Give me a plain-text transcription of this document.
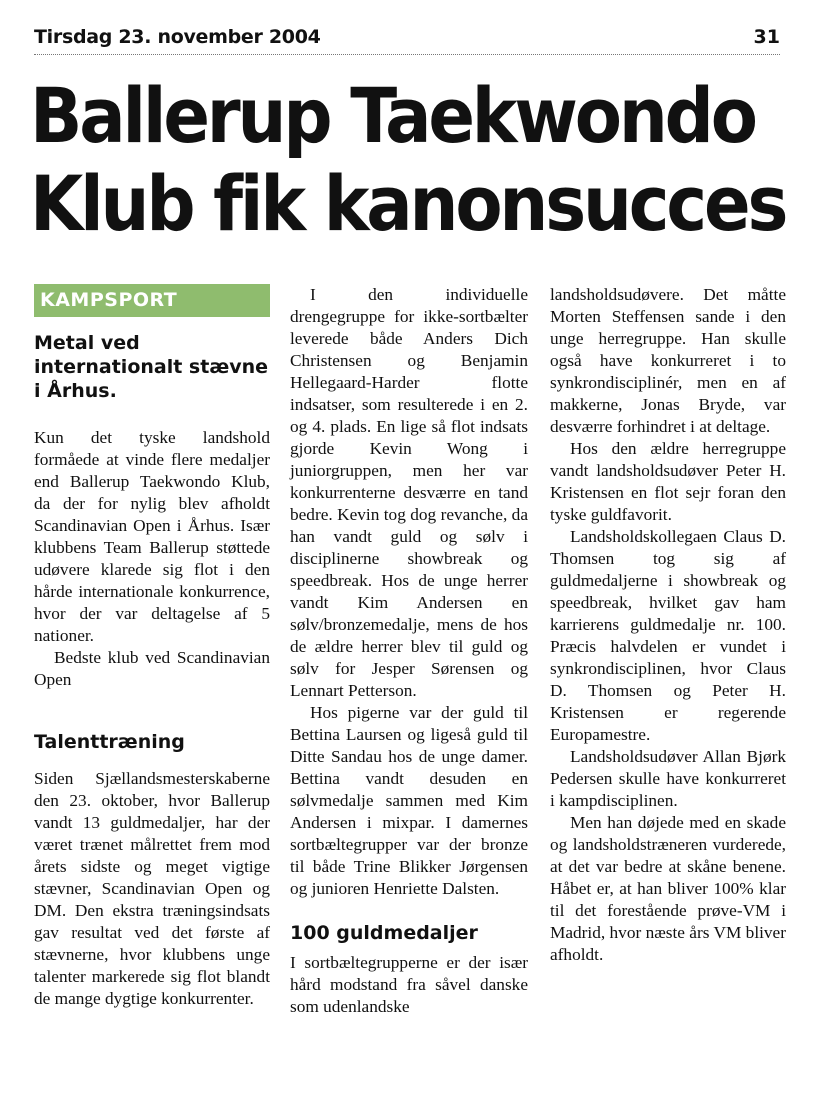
Tirsdag 23. november 2004	31
Ballerup Taekwondo
Klub fik kanonsucces
KAMPSPORT
Metal ved internationalt stævne i Århus.

Kun det tyske landshold formåede at vinde flere medaljer end Ballerup Taekwondo Klub, da der for nylig blev afholdt Scandinavian Open i Århus. Især klubbens Team Ballerup støttede udøvere klarede sig flot i den hårde internationale konkurrence, hvor der var deltagelse af 5 nationer.

Bedste klub ved Scandinavian Open

Talenttræning

Siden Sjællandsmesterskaberne den 23. oktober, hvor Ballerup vandt 13 guldmedaljer, har der været trænet målrettet frem mod årets sidste og meget vigtige stævner, Scandinavian Open og DM. Den ekstra træningsindsats gav resultat ved det første af stævnerne, hvor klubbens unge talenter markerede sig flot blandt de mange dygtige konkurrenter.

I den individuelle drengegruppe for ikke-sortbælter leverede både Anders Dich Christensen og Benjamin Hellegaard-Harder flotte indsatser, som resulterede i en 2. og 4. plads. En lige så flot indsats gjorde Kevin Wong i juniorgruppen, men her var konkurrenterne desværre en tand bedre. Kevin tog dog revanche, da han vandt guld og sølv i disciplinerne showbreak og speedbreak. Hos de unge herrer vandt Kim Andersen en sølv/bronzemedalje, mens de hos de ældre herrer blev til guld og sølv for Jesper Sørensen og Lennart Petterson.

Hos pigerne var der guld til Bettina Laursen og ligeså guld til Ditte Sandau hos de unge damer. Bettina vandt desuden en sølvmedalje sammen med Kim Andersen i mixpar. I damernes sortbæltegrupper var der bronze til både Trine Blikker Jørgensen og junioren Henriette Dalsten.

100 guldmedaljer

I sortbæltegrupperne er der især hård modstand fra såvel danske som udenlandske

landsholdsudøvere. Det måtte Morten Steffensen sande i den unge herregruppe. Han skulle også have konkurreret i to synkrondisciplinér, men en af makkerne, Jonas Bryde, var desværre forhindret i at deltage.

Hos den ældre herregruppe vandt landsholdsudøver Peter H. Kristensen en flot sejr foran den tyske guldfavorit.

Landsholdskollegaen Claus D. Thomsen tog sig af guldmedaljerne i showbreak og speedbreak, hvilket gav ham karrierens guldmedalje nr. 100. Præcis halvdelen er vundet i synkrondisciplinen, hvor Claus D. Thomsen og Peter H. Kristensen er regerende Europamestre.

Landsholdsudøver Allan Bjørk Pedersen skulle have konkurreret i kampdisciplinen.

Men han døjede med en skade og landsholdstræneren vurderede, at det var bedre at skåne benene. Håbet er, at han bliver 100% klar til det forestående prøve-VM i Madrid, hvor næste års VM bliver afholdt.
